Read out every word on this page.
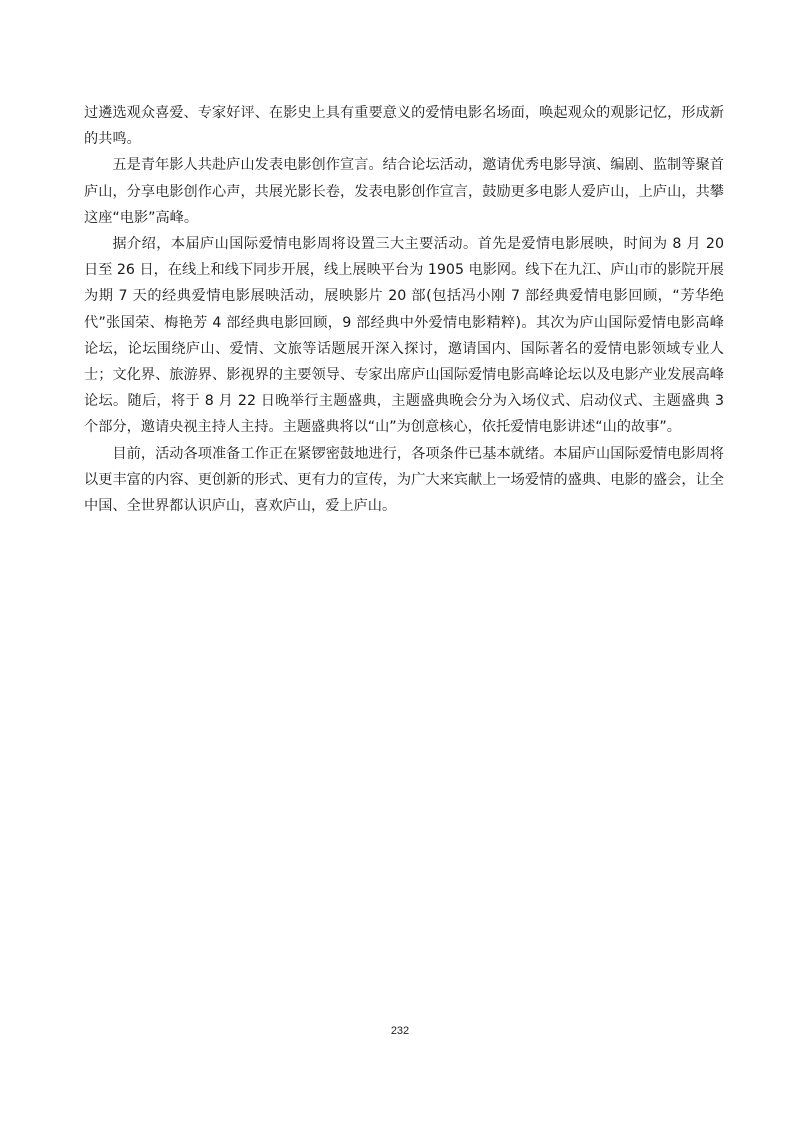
过遴选观众喜爱、专家好评、在影史上具有重要意义的爱情电影名场面，唤起观众的观影记忆，形成新的共鸣。

五是青年影人共赴庐山发表电影创作宣言。结合论坛活动，邀请优秀电影导演、编剧、监制等聚首庐山，分享电影创作心声，共展光影长卷，发表电影创作宣言，鼓励更多电影人爱庐山，上庐山，共攀这座“电影”高峰。

据介绍，本届庐山国际爱情电影周将设置三大主要活动。首先是爱情电影展映，时间为 8 月 20 日至 26 日，在线上和线下同步开展，线上展映平台为 1905 电影网。线下在九江、庐山市的影院开展为期 7 天的经典爱情电影展映活动，展映影片 20 部(包括冯小刚 7 部经典爱情电影回顾，“芳华绝代”张国荣、梅艳芳 4 部经典电影回顾，9 部经典中外爱情电影精粹)。其次为庐山国际爱情电影高峰论坛，论坛围绕庐山、爱情、文旅等话题展开深入探讨，邀请国内、国际著名的爱情电影领域专业人士；文化界、旅游界、影视界的主要领导、专家出席庐山国际爱情电影高峰论坛以及电影产业发展高峰论坛。随后，将于 8 月 22 日晚举行主题盛典，主题盛典晚会分为入场仪式、启动仪式、主题盛典 3 个部分，邀请央视主持人主持。主题盛典将以“山”为创意核心，依托爱情电影讲述“山的故事”。

目前，活动各项准备工作正在紧锣密鼓地进行，各项条件已基本就绪。本届庐山国际爱情电影周将以更丰富的内容、更创新的形式、更有力的宣传，为广大来宾献上一场爱情的盛典、电影的盛会，让全中国、全世界都认识庐山，喜欢庐山，爱上庐山。

232
